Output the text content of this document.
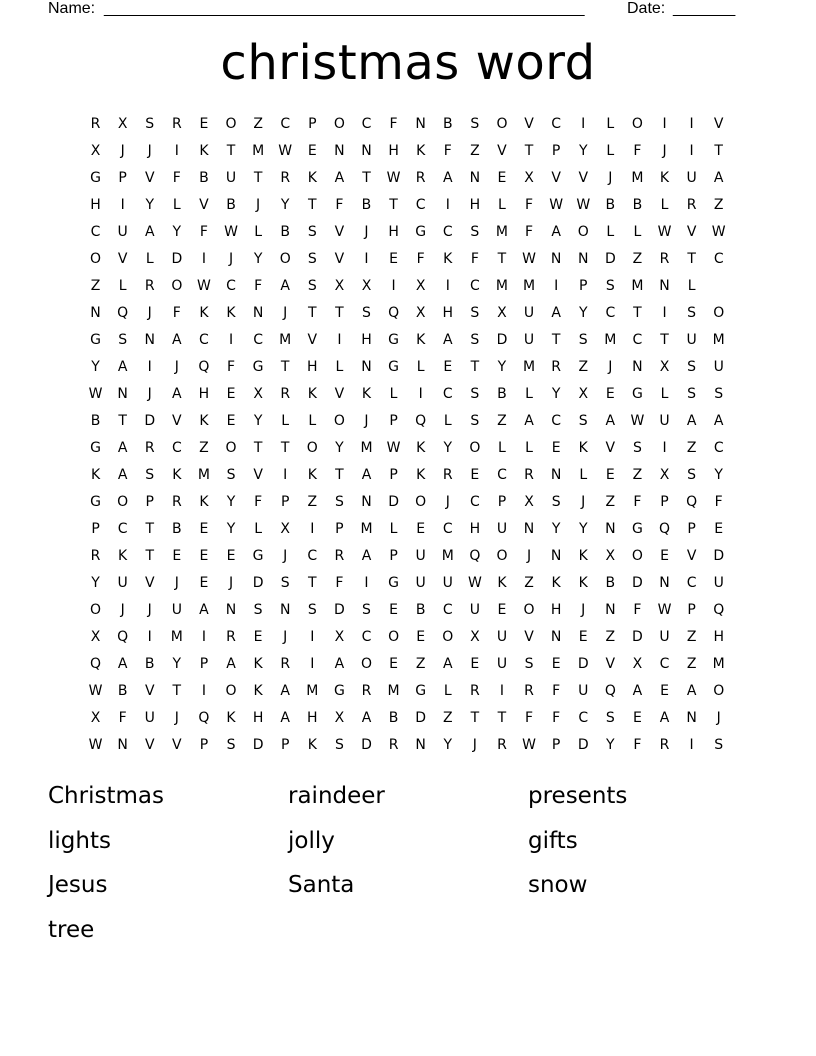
Name: ______________________________________________________	Date: _______
christmas word
R	X	S	R	E	O	Z	C	P	O	C	F	N	B	S	O	V	C	I	L	O	I	I	V
X	J	J	I	K	T	M	W	E	N	N	H	K	F	Z	V	T	P	Y	L	F	J	I	T
G	P	V	F	B	U	T	R	K	A	T	W	R	A	N	E	X	V	V	J	M	K	U	A
H	I	Y	L	V	B	J	Y	T	F	B	T	C	I	H	L	F	W W	B	B	L	R	Z
C	U	A	Y	F	W	L	B	S	V	J	H	G	C	S	M	F	A	O	L	L	W	V	W
O	V	L	D	I	J	Y	O	S	V	I	E	F	K	F	T	W	N	N	D	Z	R	T	C
Z	L	R	O	W	C	F	A	S	X	X	I	X	I	C	M	M	I	P	S	M	N	L
N	Q	J	F	K	K	N	J	T	T	S	Q	X	H	S	X	U	A	Y	C	T	I	S	O
G	S	N	A	C	I	C	M	V	I	H	G	K	A	S	D	U	T	S	M	C	T	U	M
Y	A	I	J	Q	F	G	T	H	L	N	G	L	E	T	Y	M	R	Z	J	N	X	S	U
W	N	J	A	H	E	X	R	K	V	K	L	I	C	S	B	L	Y	X	E	G	L	S	S
B	T	D	V	K	E	Y	L	L	O	J	P	Q	L	S	Z	A	C	S	A	W	U	A	A
G	A	R	C	Z	O	T	T	O	Y	M	W	K	Y	O	L	L	E	K	V	S	I	Z	C
K	A	S	K	M	S	V	I	K	T	A	P	K	R	E	C	R	N	L	E	Z	X	S	Y
G	O	P	R	K	Y	F	P	Z	S	N	D	O	J	C	P	X	S	J	Z	F	P	Q	F
P	C	T	B	E	Y	L	X	I	P	M	L	E	C	H	U	N	Y	Y	N	G	Q	P	E
R	K	T	E	E	E	G	J	C	R	A	P	U	M	Q	O	J	N	K	X	O	E	V	D
Y	U	V	J	E	J	D	S	T	F	I	G	U	U	W	K	Z	K	K	B	D	N	C	U
O	J	J	U	A	N	S	N	S	D	S	E	B	C	U	E	O	H	J	N	F	W	P	Q
X	Q	I	M	I	R	E	J	I	X	C	O	E	O	X	U	V	N	E	Z	D	U	Z	H
Q	A	B	Y	P	A	K	R	I	A	O	E	Z	A	E	U	S	E	D	V	X	C	Z	M
W	B	V	T	I	O	K	A	M	G	R	M	G	L	R	I	R	F	U	Q	A	E	A	O
X	F	U	J	Q	K	H	A	H	X	A	B	D	Z	T	T	F	F	C	S	E	A	N	J
W	N	V	V	P	S	D	P	K	S	D	R	N	Y	J	R	W	P	D	Y	F	R	I	S
Christmas	raindeer	presents
lights	jolly	gifts
Jesus	Santa	snow
tree
